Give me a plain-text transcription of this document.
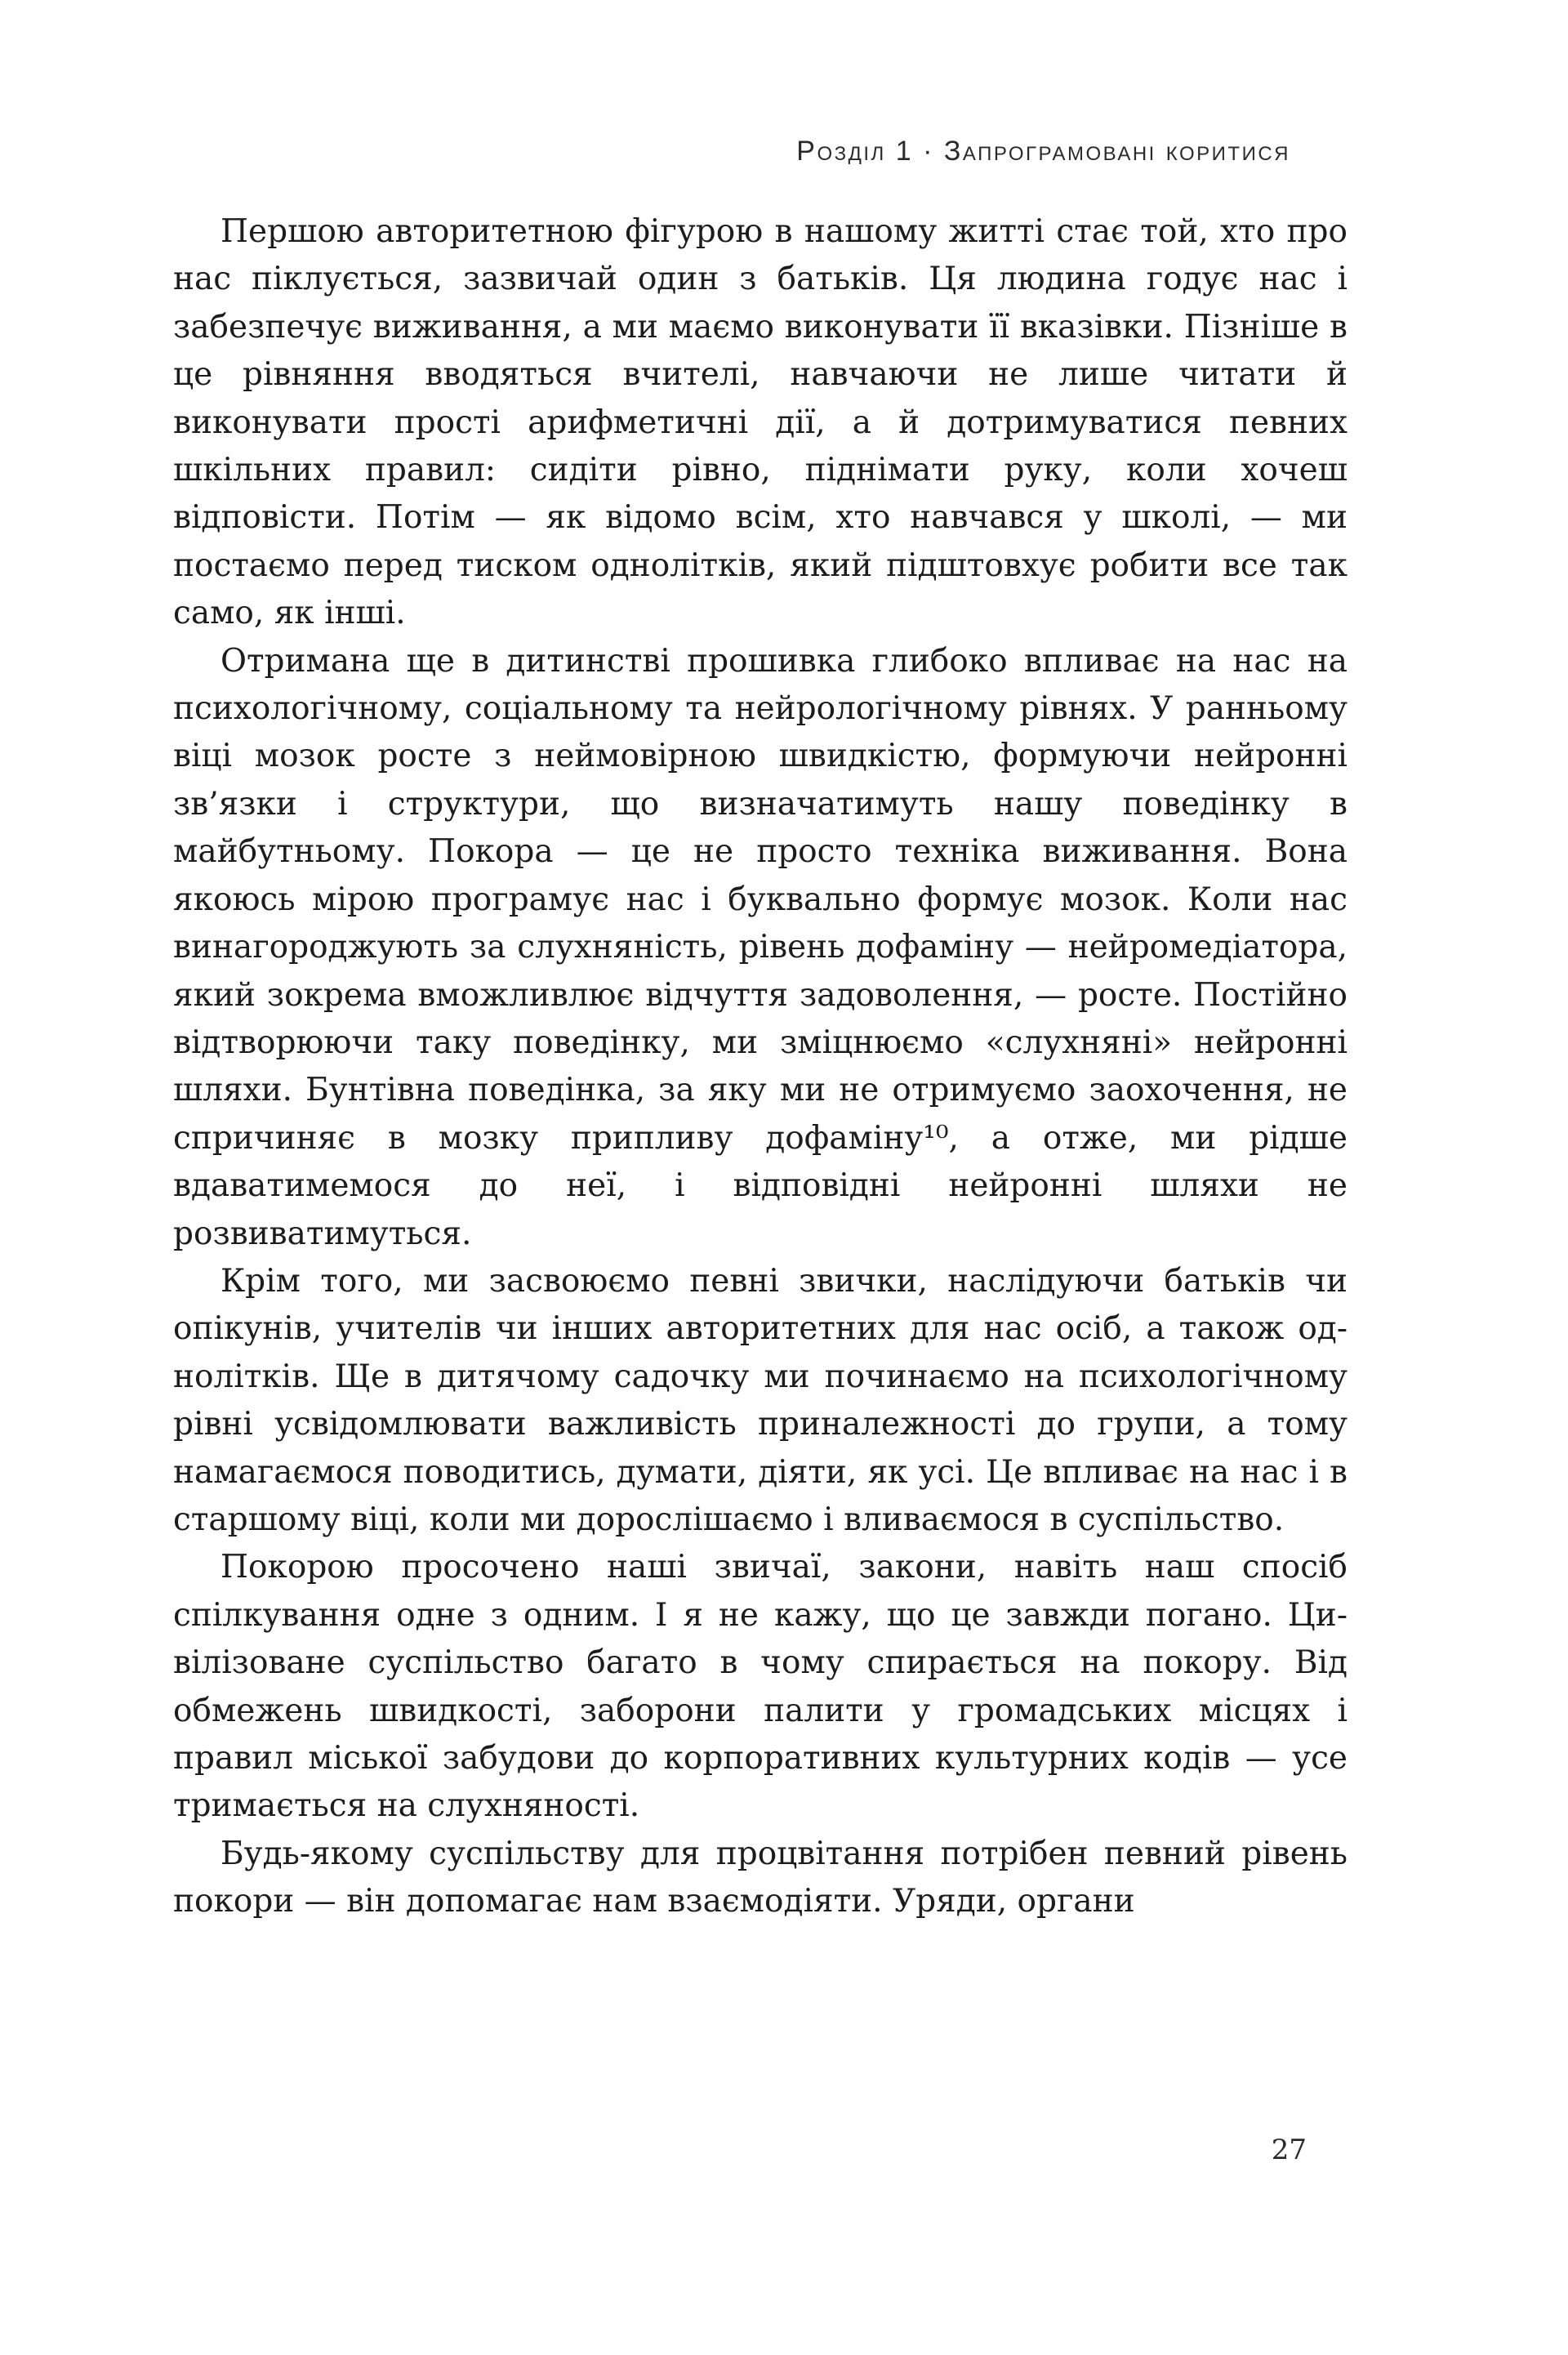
Розділ 1 · Запрограмовані коритися

Першою авторитетною фігурою в нашому житті стає той, хто про нас піклується, зазвичай один з батьків. Ця людина годує нас і забезпечує виживання, а ми маємо виконувати її вказівки. Пізніше в це рівняння вводяться вчителі, навчаючи не лише читати й виконувати прості арифметичні дії, а й дотримуватися певних шкільних правил: сидіти рівно, піднімати руку, коли хочеш відповісти. Потім — як відомо всім, хто навчався у школі, — ми постаємо перед тиском однолітків, який підштовхує робити все так само, як інші.

Отримана ще в дитинстві прошивка глибоко впливає на нас на психологічному, соціальному та нейрологічному рівнях. У ранньому віці мозок росте з неймовірною швидкістю, формуючи нейронні зв’язки і структури, що визначатимуть нашу поведінку в майбутньому. Покора — це не просто техніка виживання. Вона якоюсь мірою програмує нас і буквально формує мозок. Коли нас винагороджують за слухняність, рівень дофаміну — нейромедіатора, який зокрема вможливлює відчуття задоволення, — росте. Постійно відтворюючи таку поведінку, ми зміцнюємо «слухняні» нейронні шляхи. Бунтівна поведінка, за яку ми не отримуємо заохочення, не спричиняє в мозку припливу дофаміну¹⁰, а отже, ми рідше вдаватимемося до неї, і відповідні нейронні шляхи не розвиватимуться.

Крім того, ми засвоюємо певні звички, наслідуючи батьків чи опікунів, учителів чи інших авторитетних для нас осіб, а також однолітків. Ще в дитячому садочку ми починаємо на психологічному рівні усвідомлювати важливість приналежності до групи, а тому намагаємося поводитись, думати, діяти, як усі. Це впливає на нас і в старшому віці, коли ми дорослішаємо і вливаємося в суспільство.

Покорою просочено наші звичаї, закони, навіть наш спосіб спілкування одне з одним. І я не кажу, що це завжди погано. Цивілізоване суспільство багато в чому спирається на покору. Від обмежень швидкості, заборони палити у громадських місцях і правил міської забудови до корпоративних культурних кодів — усе тримається на слухняності.

Будь-якому суспільству для процвітання потрібен певний рівень покори — він допомагає нам взаємодіяти. Уряди, органи

27
